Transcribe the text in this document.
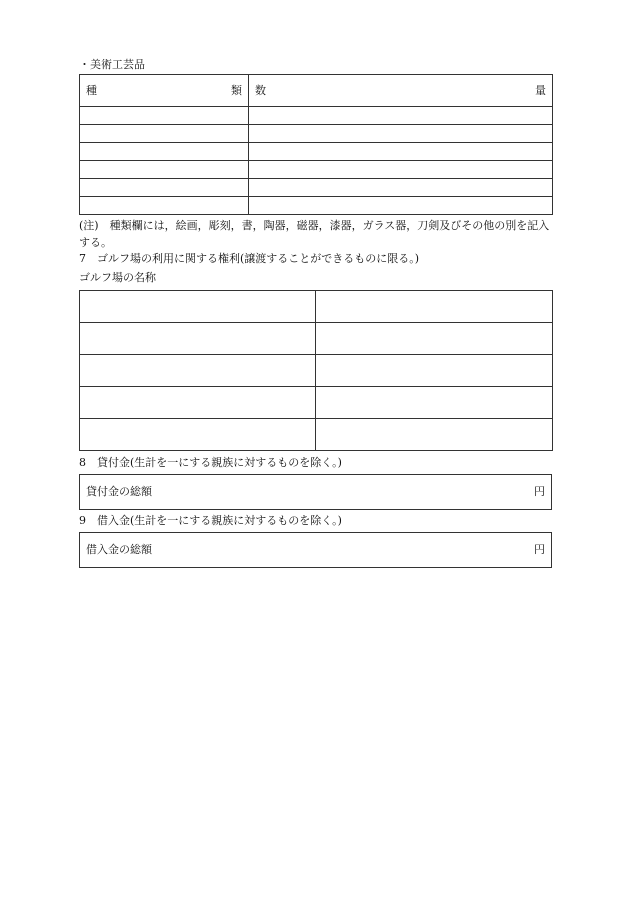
・美術工芸品
種 類	数 量

(注)　種類欄には，絵画，彫刻，書，陶器，磁器，漆器，ガラス器，刀剣及びその他の別を記入する。
7　ゴルフ場の利用に関する権利(譲渡することができるものに限る。)
ゴルフ場の名称

8　貸付金(生計を一にする親族に対するものを除く。)
貸付金の総額	円
9　借入金(生計を一にする親族に対するものを除く。)
借入金の総額	円
